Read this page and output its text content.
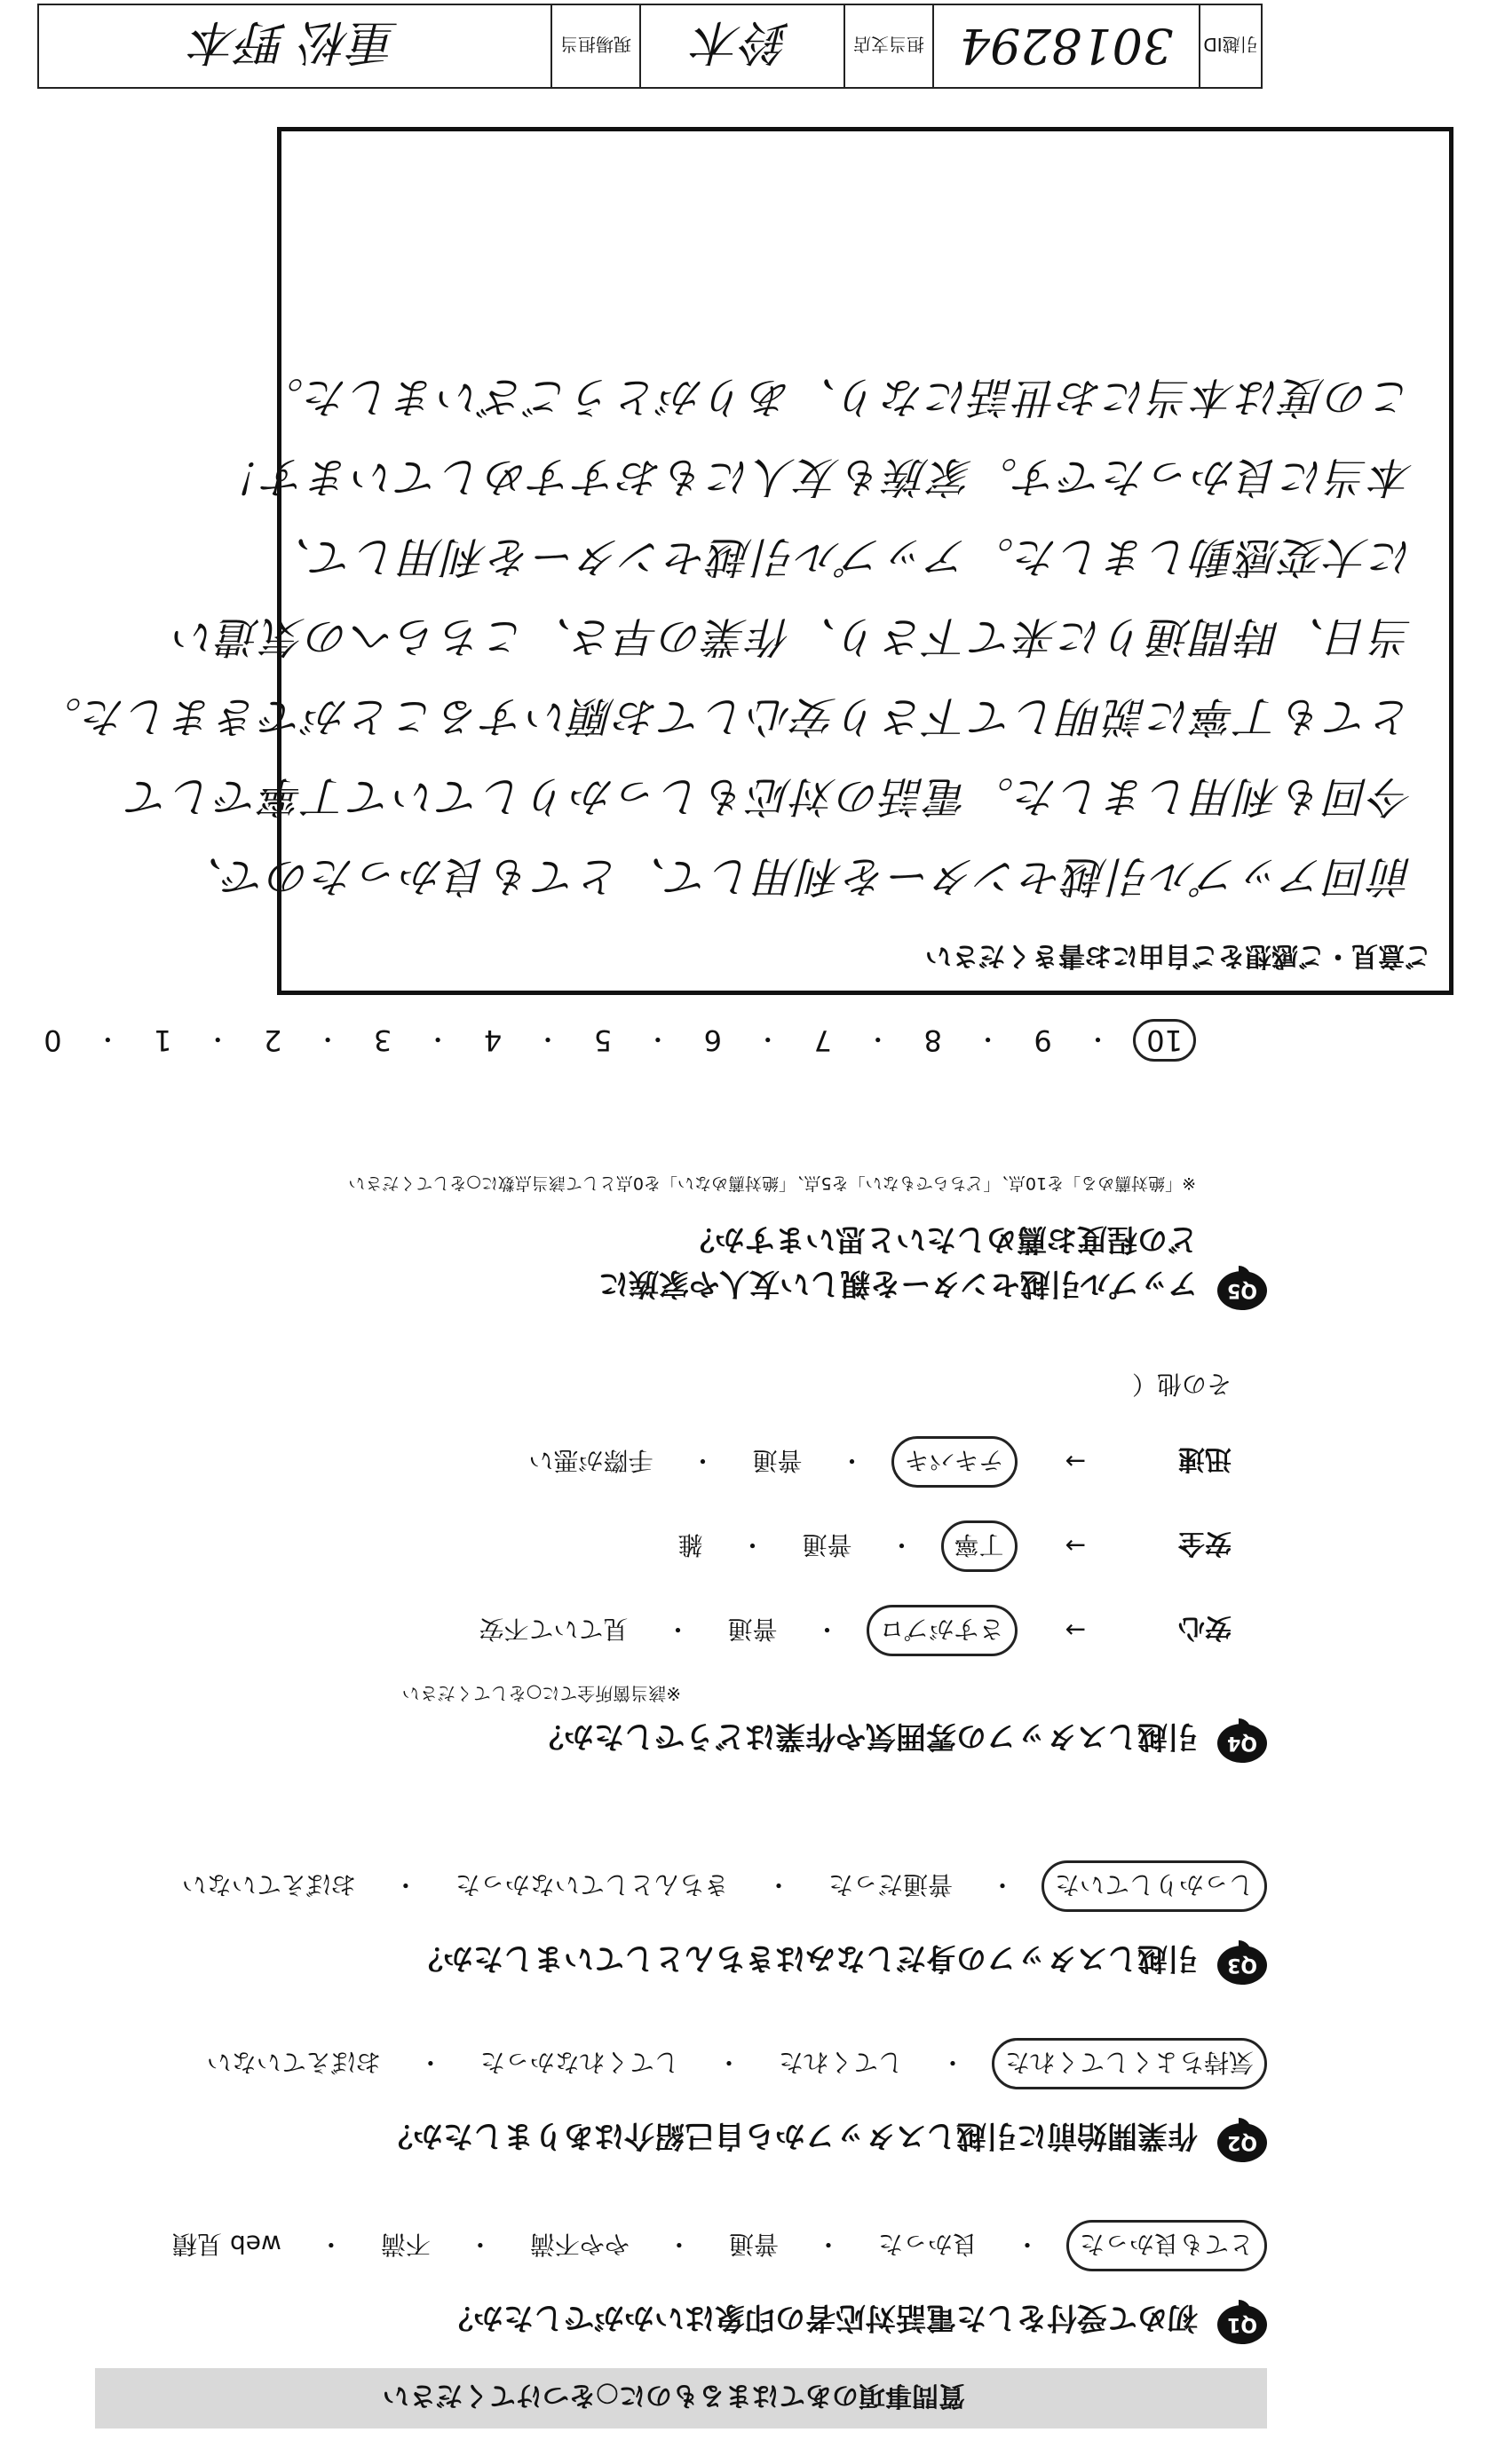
引越ID
3018294
担当支店
鈴木
現場担当
重松 野本
質問事項のあてはまるものに○をつけてください
Q1
初めて受付をした電話対応者の印象はいかがでしたか？
とても良かった
・
良かった
・
普通
・
やや不満
・
不満
・
web 見積
Q2
作業開始前に引越しスタッフから自己紹介はありましたか？
気持ちよくしてくれた
・
してくれた
・
してくれなかった
・
おぼえていない
Q3
引越しスタッフの身だしなみはきちんとしていましたか？
しっかりしていた
・
普通だった
・
きちんとしていなかった
・
おぼえていない
Q4
引越しスタッフの雰囲気や作業はどうでしたか？
※該当箇所全てに○をしてください
安心
→
さすがプロ
・
普通
・
見ていて不安
安全
→
丁寧
・
普通
・
雑
迅速
→
テキパキ
・
普通
・
手際が悪い
その他（
Q5
アップル引越センターを親しい友人や家族に
どの程度お薦めしたいと思いますか？
※「絶対薦める」を10点、「どちらでもない」を5点、「絶対薦めない」を0点として該当点数に○をしてください
10
・
9
・
8
・
7
・
6
・
5
・
4
・
3
・
2
・
1
・
0
ご意見・ご感想をご自由にお書きください
前回アップル引越センターを利用して、とても良かったので、
今回も利用しました。電話の対応もしっかりしていて丁寧でして
とても丁寧に説明して下さり安心してお願いすることができました。
当日、時間通りに来て下さり、作業の早さ、こちらへの気遣い
に大変感動しました。アップル引越センターを利用して、
本当に良かったです。家族も友人にもおすすめしています！
この度は本当にお世話になり、ありがとうございました。
